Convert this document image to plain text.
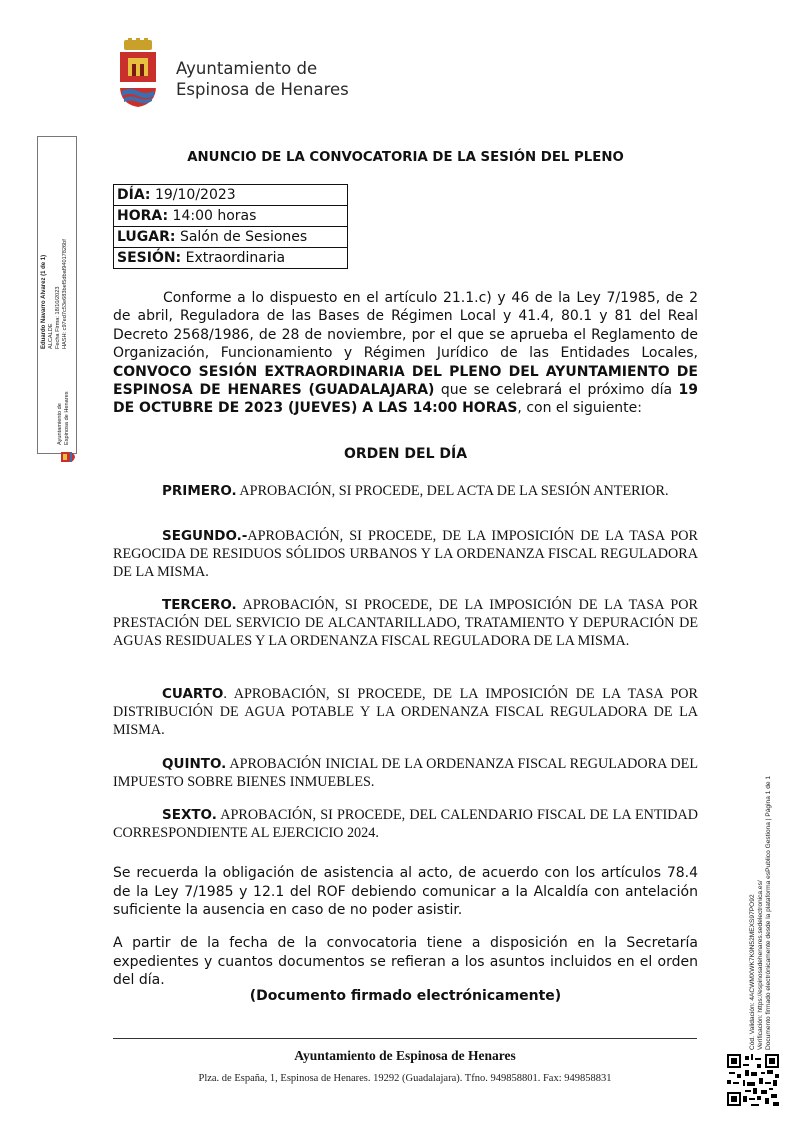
Ayuntamiento de
Espinosa de Henares
Ayuntamiento de Espinosa de Henares
Eduardo Navarro Alvarez (1 de 1) ALCALDE Fecha Firma: 18/10/2023 HASH: c97ed7c53e683bef5dbaf94017826bf
Cód. Validación: 4ACWMXWK7K9N52MEXS97PO92 Verificación: https://espinosadehenares.sedelectronica.es/ Documento firmado electrónicamente desde la plataforma esPublico Gestiona | Página 1 de 1
ANUNCIO DE LA CONVOCATORIA DE LA SESIÓN DEL PLENO
DÍA: 19/10/2023
HORA: 14:00 horas
LUGAR: Salón de Sesiones
SESIÓN: Extraordinaria

Conforme a lo dispuesto en el artículo 21.1.c) y 46 de la Ley 7/1985, de 2 de abril, Reguladora de las Bases de Régimen Local y 41.4, 80.1 y 81 del Real Decreto 2568/1986, de 28 de noviembre, por el que se aprueba el Reglamento de Organización, Funcionamiento y Régimen Jurídico de las Entidades Locales, CONVOCO SESIÓN EXTRAORDINARIA DEL PLENO DEL AYUNTAMIENTO DE ESPINOSA DE HENARES (GUADALAJARA) que se celebrará el próximo día 19 DE OCTUBRE DE 2023 (JUEVES) A LAS 14:00 HORAS, con el siguiente:

ORDEN DEL DÍA

PRIMERO. APROBACIÓN, SI PROCEDE, DEL ACTA DE LA SESIÓN ANTERIOR.

SEGUNDO.-APROBACIÓN, SI PROCEDE, DE LA IMPOSICIÓN DE LA TASA POR REGOCIDA DE RESIDUOS SÓLIDOS URBANOS Y LA ORDENANZA FISCAL REGULADORA DE LA MISMA.

TERCERO. APROBACIÓN, SI PROCEDE, DE LA IMPOSICIÓN DE LA TASA POR PRESTACIÓN DEL SERVICIO DE ALCANTARILLADO, TRATAMIENTO Y DEPURACIÓN DE AGUAS RESIDUALES Y LA ORDENANZA FISCAL REGULADORA DE LA MISMA.

CUARTO. APROBACIÓN, SI PROCEDE, DE LA IMPOSICIÓN DE LA TASA POR DISTRIBUCIÓN DE AGUA POTABLE Y LA ORDENANZA FISCAL REGULADORA DE LA MISMA.

QUINTO. APROBACIÓN INICIAL DE LA ORDENANZA FISCAL REGULADORA DEL IMPUESTO SOBRE BIENES INMUEBLES.

SEXTO. APROBACIÓN, SI PROCEDE, DEL CALENDARIO FISCAL DE LA ENTIDAD CORRESPONDIENTE AL EJERCICIO 2024.

Se recuerda la obligación de asistencia al acto, de acuerdo con los artículos 78.4 de la Ley 7/1985 y 12.1 del ROF debiendo comunicar a la Alcaldía con antelación suficiente la ausencia en caso de no poder asistir.

A partir de la fecha de la convocatoria tiene a disposición en la Secretaría expedientes y cuantos documentos se refieran a los asuntos incluidos en el orden del día.

(Documento firmado electrónicamente)
Ayuntamiento de Espinosa de Henares
Plza. de España, 1, Espinosa de Henares. 19292 (Guadalajara). Tfno. 949858801. Fax: 949858831
